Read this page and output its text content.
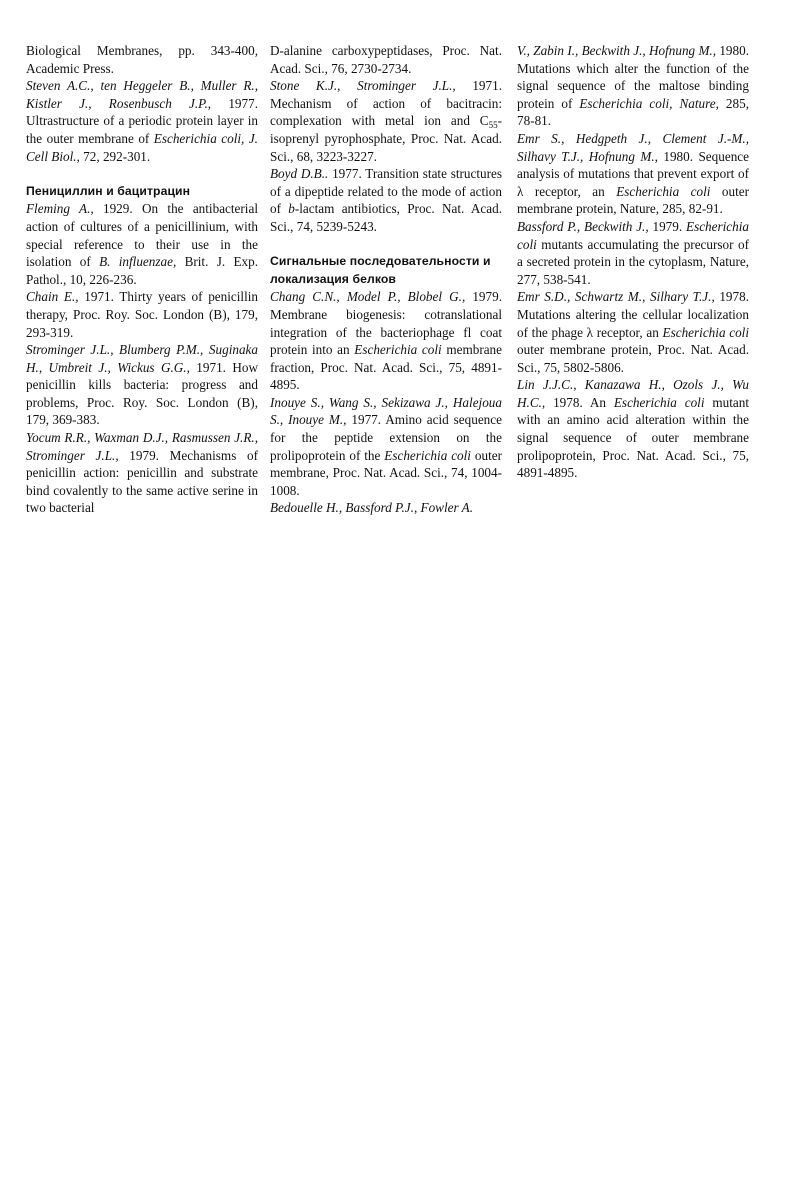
Biological Membranes, pp. 343-400, Academic Press.

Steven A.C., ten Heggeler B., Muller R., Kistler J., Rosenbusch J.P., 1977. Ultrastructure of a periodic protein layer in the outer membrane of Escherichia coli, J. Cell Biol., 72, 292-301.

Пенициллин и бацитрацин

Fleming A., 1929. On the antibacterial action of cultures of a penicillinium, with special reference to their use in the isolation of B. influenzae, Brit. J. Exp. Pathol., 10, 226-236.

Chain E., 1971. Thirty years of penicillin therapy, Proc. Roy. Soc. London (B), 179, 293-319.

Strominger J.L., Blumberg P.M., Suginaka H., Umbreit J., Wickus G.G., 1971. How penicillin kills bacteria: progress and problems, Proc. Roy. Soc. London (B), 179, 369-383.

Yocum R.R., Waxman D.J., Rasmussen J.R., Strominger J.L., 1979. Mechanisms of penicillin action: penicillin and substrate bind covalently to the same active serine in two bacterial

D-alanine carboxypeptidases, Proc. Nat. Acad. Sci., 76, 2730-2734.

Stone K.J., Strominger J.L., 1971. Mechanism of action of bacitracin: complexation with metal ion and $C_{55}$-isoprenyl pyrophosphate, Proc. Nat. Acad. Sci., 68, 3223-3227.

Boyd D.B.. 1977. Transition state structures of a dipeptide related to the mode of action of b-lactam antibiotics, Proc. Nat. Acad. Sci., 74, 5239-5243.

Сигнальные последовательности и локализация белков

Chang C.N., Model P., Blobel G., 1979. Membrane biogenesis: cotranslational integration of the bacteriophage fl coat protein into an Escherichia coli membrane fraction, Proc. Nat. Acad. Sci., 75, 4891-4895.

Inouye S., Wang S., Sekizawa J., Halejoua S., Inouye M., 1977. Amino acid sequence for the peptide extension on the prolipoprotein of the Escherichia coli outer membrane, Proc. Nat. Acad. Sci., 74, 1004-1008.

Bedouelle H., Bassford P.J., Fowler A.

V., Zabin I., Beckwith J., Hofnung M., 1980. Mutations which alter the function of the signal sequence of the maltose binding protein of Escherichia coli, Nature, 285, 78-81.

Emr S., Hedgpeth J., Clement J.-M., Silhavy T.J., Hofnung M., 1980. Sequence analysis of mutations that prevent export of λ receptor, an Escherichia coli outer membrane protein, Nature, 285, 82-91.

Bassford P., Beckwith J., 1979. Escherichia coli mutants accumulating the precursor of a secreted protein in the cytoplasm, Nature, 277, 538-541.

Emr S.D., Schwartz M., Silhary T.J., 1978. Mutations altering the cellular localization of the phage λ receptor, an Escherichia coli outer membrane protein, Proc. Nat. Acad. Sci., 75, 5802-5806.

Lin J.J.C., Kanazawa H., Ozols J., Wu H.C., 1978. An Escherichia coli mutant with an amino acid alteration within the signal sequence of outer membrane prolipoprotein, Proc. Nat. Acad. Sci., 75, 4891-4895.
